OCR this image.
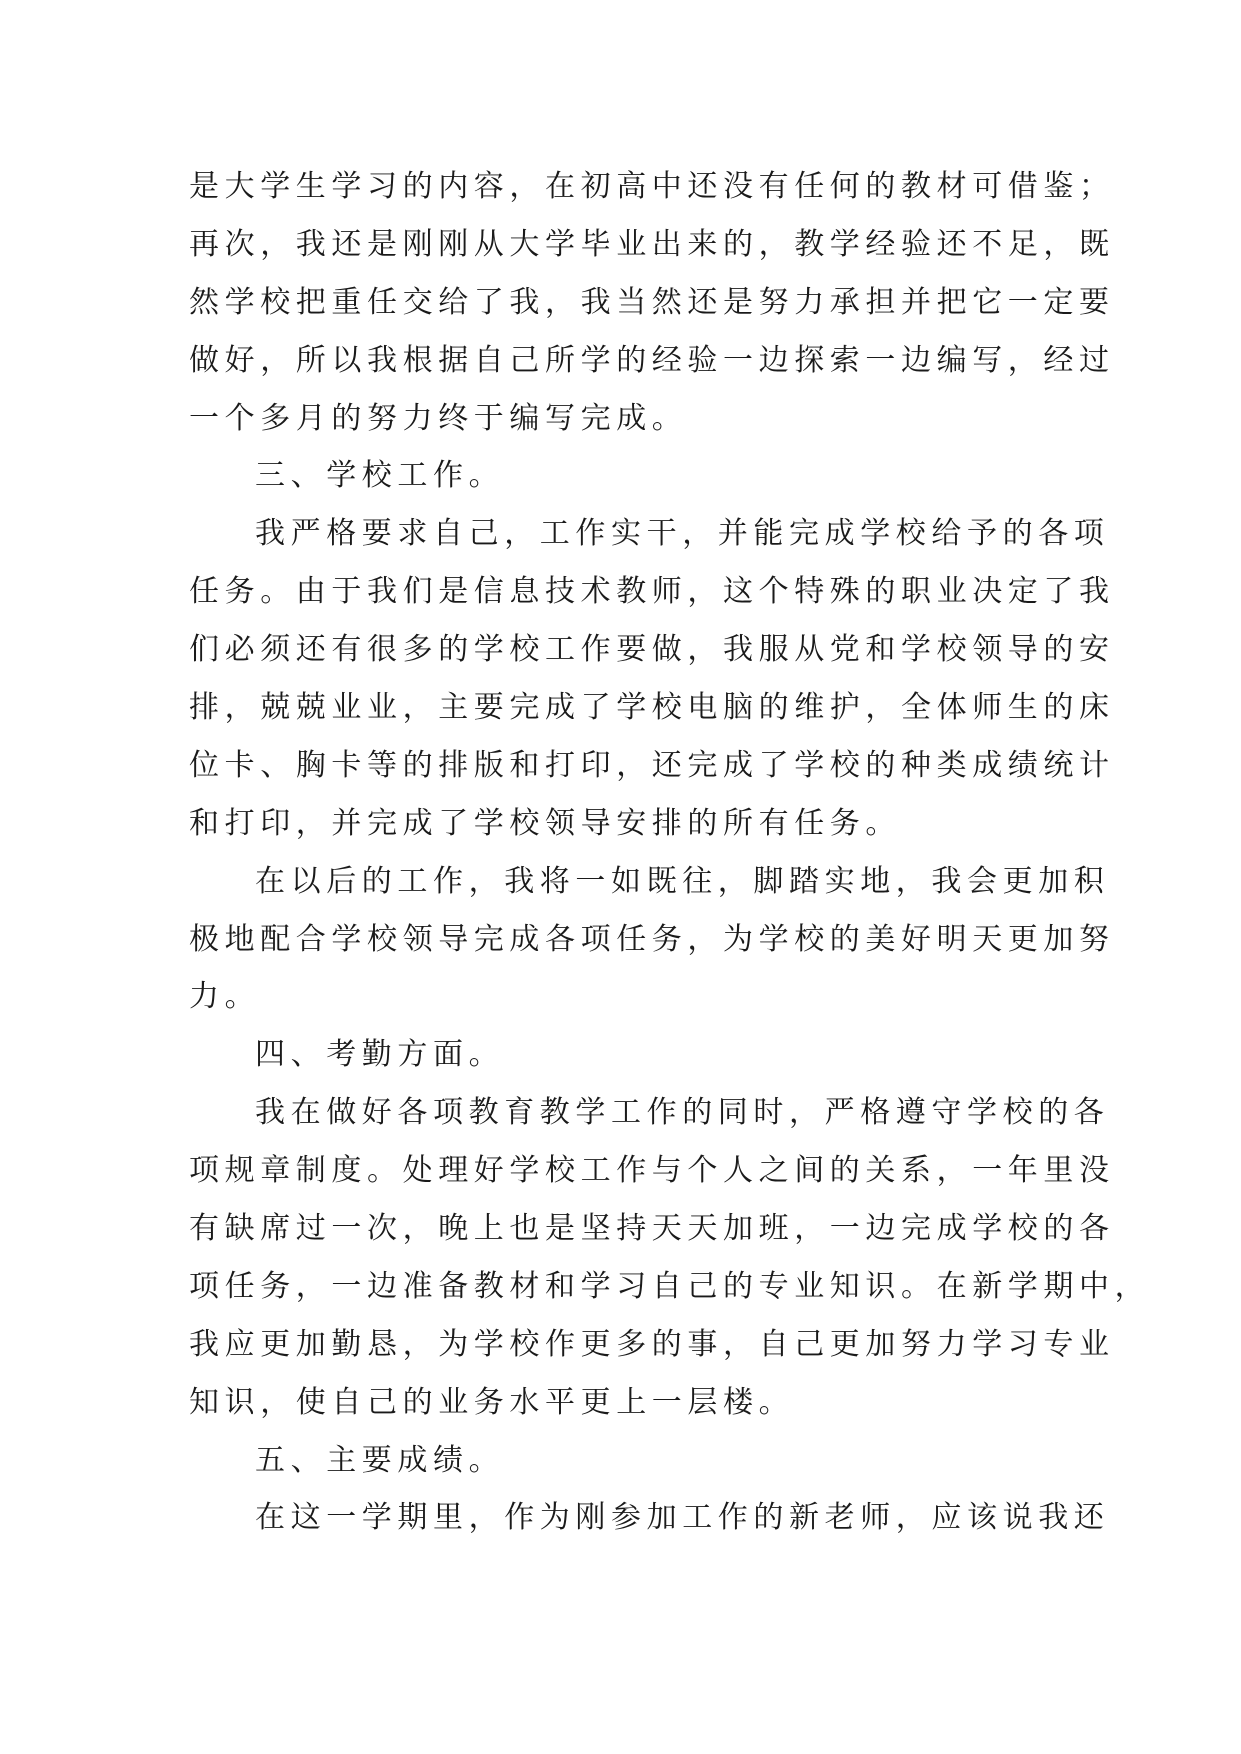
是大学生学习的内容，在初高中还没有任何的教材可借鉴；
再次，我还是刚刚从大学毕业出来的，教学经验还不足，既
然学校把重任交给了我，我当然还是努力承担并把它一定要
做好，所以我根据自己所学的经验一边探索一边编写，经过
一个多月的努力终于编写完成。
三、学校工作。
我严格要求自己，工作实干，并能完成学校给予的各项
任务。由于我们是信息技术教师，这个特殊的职业决定了我
们必须还有很多的学校工作要做，我服从党和学校领导的安
排，兢兢业业，主要完成了学校电脑的维护，全体师生的床
位卡、胸卡等的排版和打印，还完成了学校的种类成绩统计
和打印，并完成了学校领导安排的所有任务。
在以后的工作，我将一如既往，脚踏实地，我会更加积
极地配合学校领导完成各项任务，为学校的美好明天更加努
力。
四、考勤方面。
我在做好各项教育教学工作的同时，严格遵守学校的各
项规章制度。处理好学校工作与个人之间的关系，一年里没
有缺席过一次，晚上也是坚持天天加班，一边完成学校的各
项任务，一边准备教材和学习自己的专业知识。在新学期中，
我应更加勤恳，为学校作更多的事，自己更加努力学习专业
知识，使自己的业务水平更上一层楼。
五、主要成绩。
在这一学期里，作为刚参加工作的新老师，应该说我还
